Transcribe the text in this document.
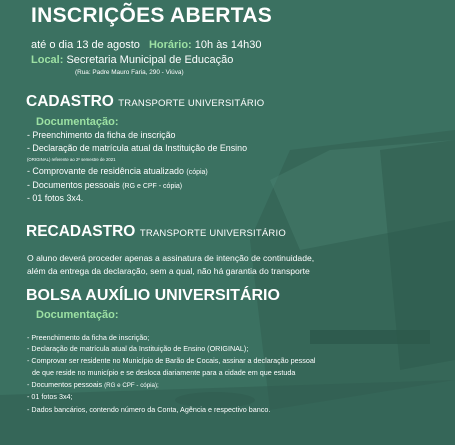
INSCRIÇÕES ABERTAS
até o dia 13 de agosto Horário: 10h às 14h30
Local: Secretaria Municipal de Educação
(Rua: Padre Mauro Faria, 290 - Viúva)
CADASTRO TRANSPORTE UNIVERSITÁRIO
Documentação:
- Preenchimento da ficha de inscrição
- Declaração de matrícula atual da Instituição de Ensino
(ORIGINAL) referente ao 2º semestre de 2021
- Comprovante de residência atualizado (cópia)
- Documentos pessoais (RG e CPF - cópia)
- 01 fotos 3x4.
RECADASTRO TRANSPORTE UNIVERSITÁRIO
O aluno deverá proceder apenas a assinatura de intenção de continuidade,
além da entrega da declaração, sem a qual, não há garantia do transporte
BOLSA AUXÍLIO UNIVERSITÁRIO
Documentação:
- Preenchimento da ficha de inscrição;
- Declaração de matrícula atual da Instituição de Ensino (ORIGINAL);
- Comprovar ser residente no Município de Barão de Cocais, assinar a declaração pessoal
de que reside no município e se desloca diariamente para a cidade em que estuda
- Documentos pessoais (RG e CPF - cópia);
- 01 fotos 3x4;
- Dados bancários, contendo número da Conta, Agência e respectivo banco.
